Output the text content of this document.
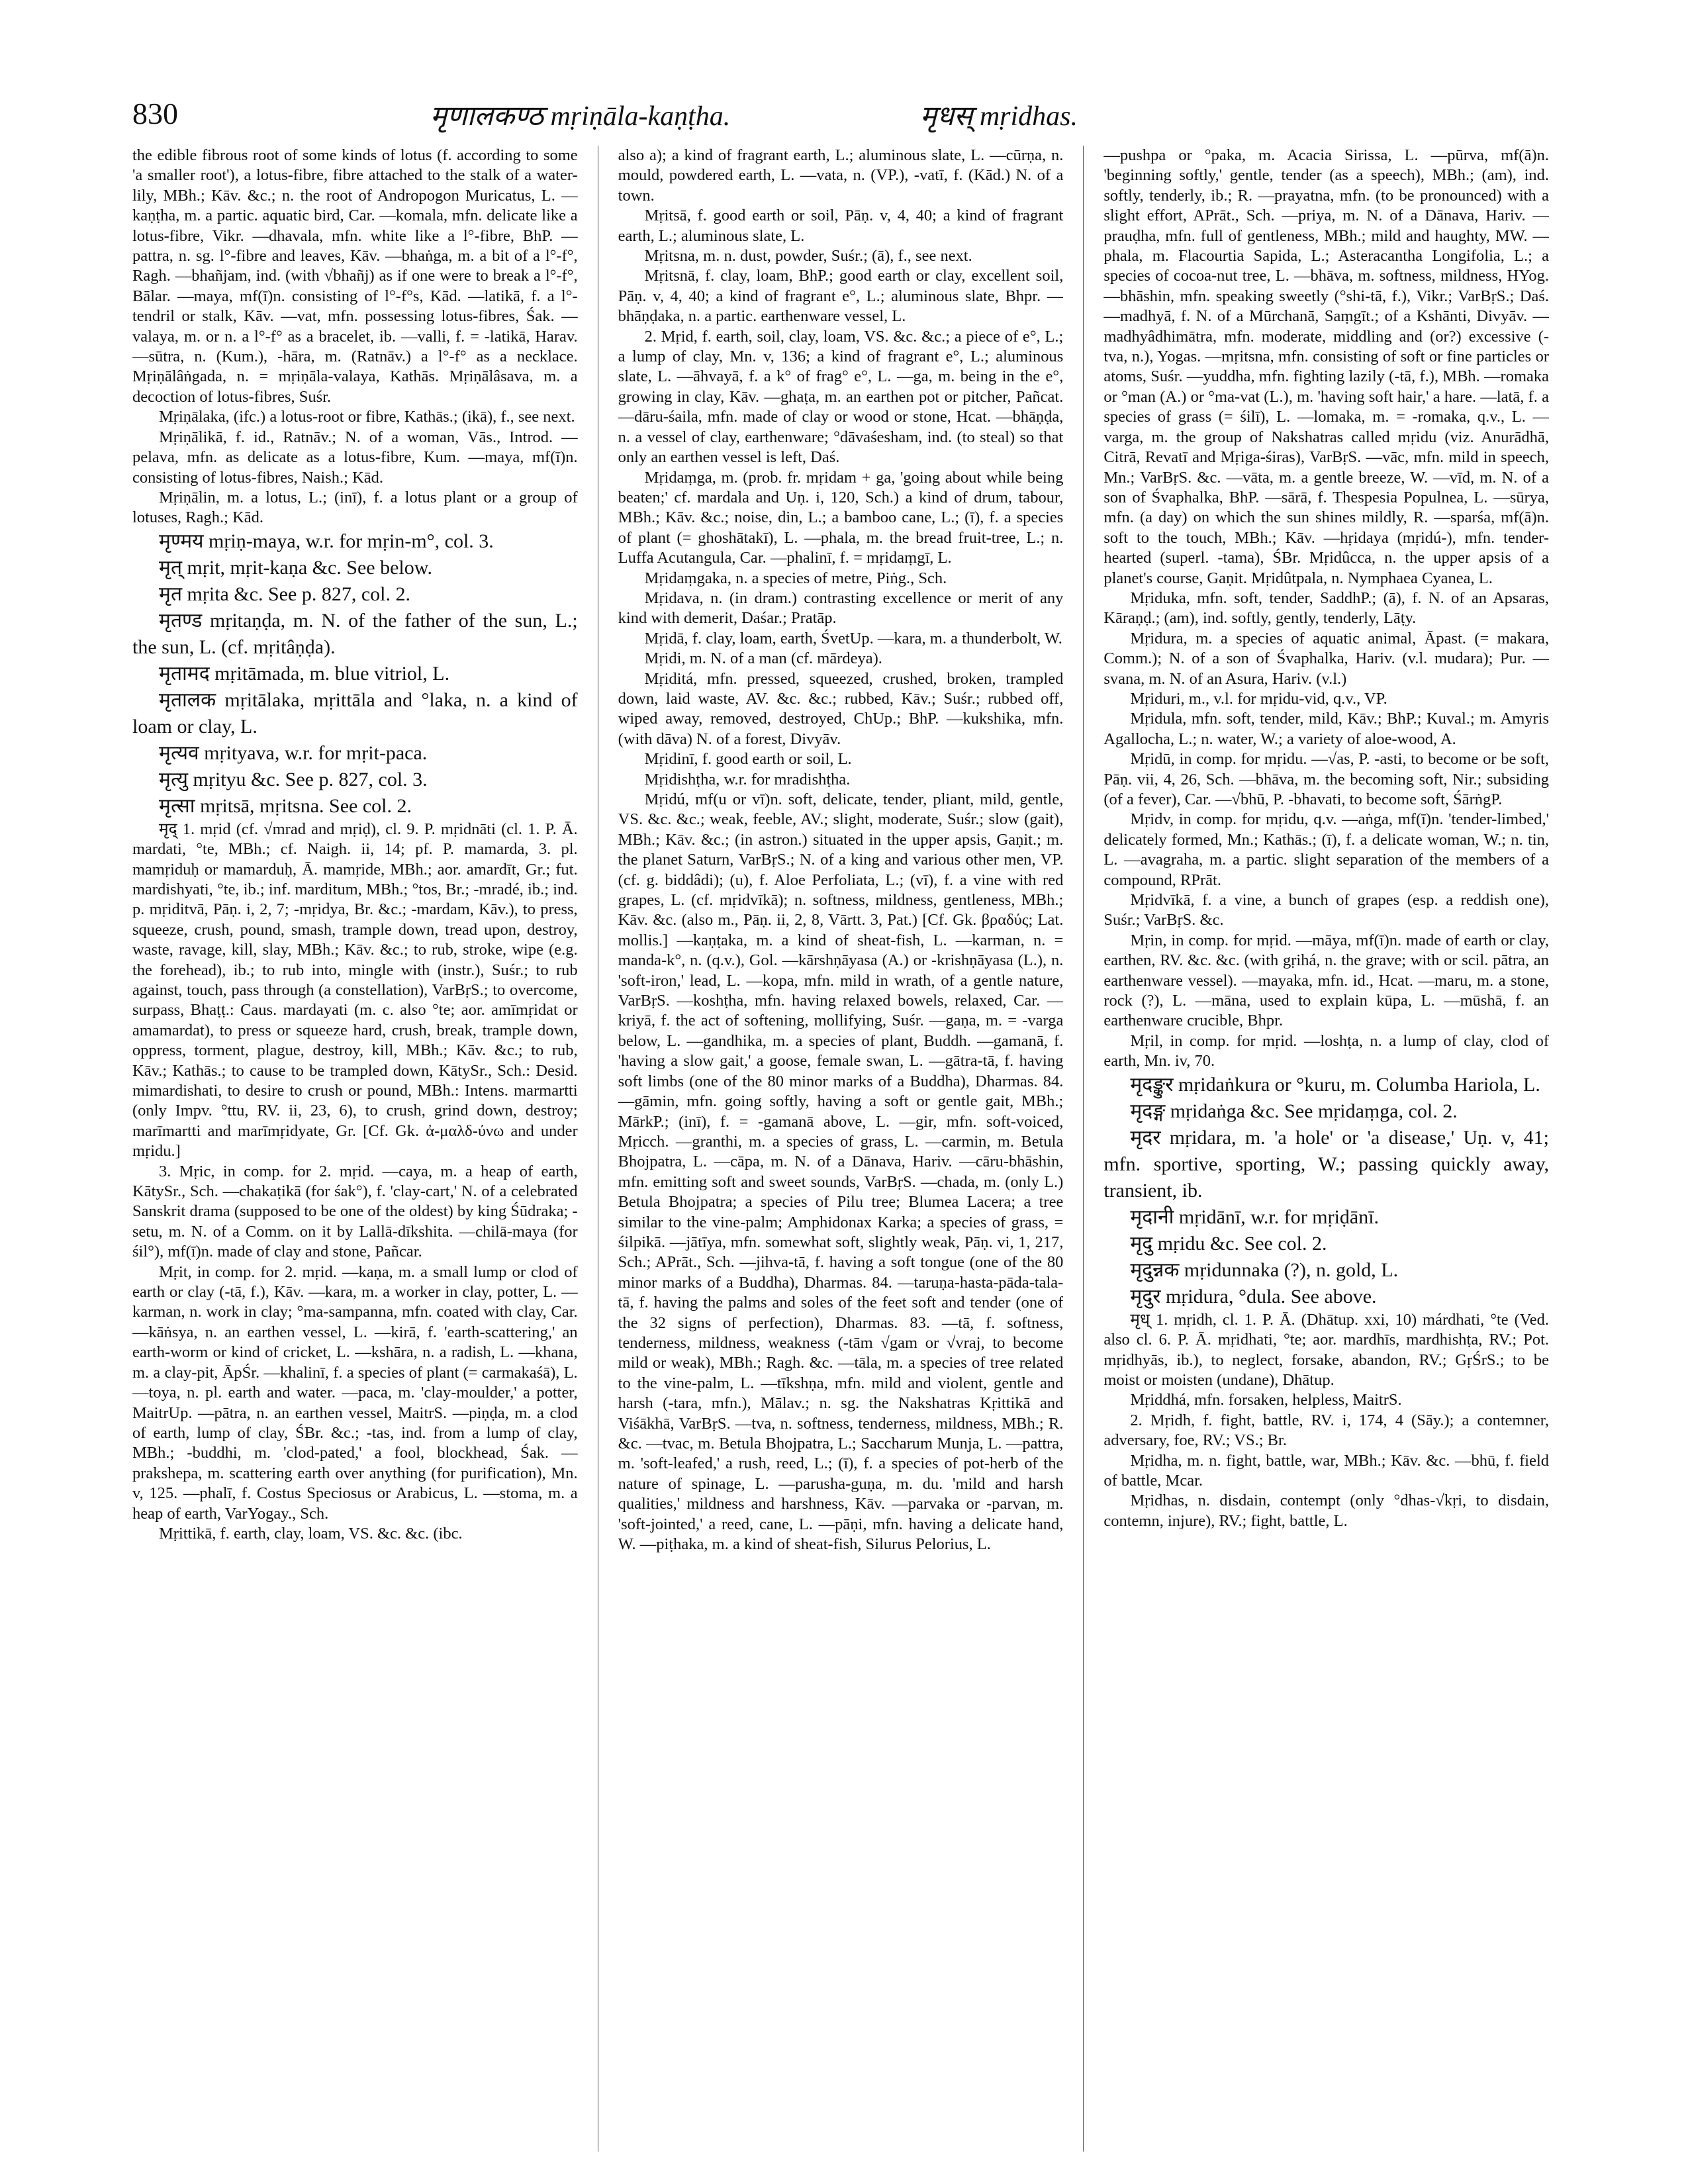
830	मृणालकण्ठ mṛiṇāla-kaṇṭha.	मृधस् mṛidhas.

the edible fibrous root of some kinds of lotus (f. according to some 'a smaller root'), a lotus-fibre, fibre attached to the stalk of a water-lily, MBh.; Kāv. &c.; n. the root of Andropogon Muricatus, L. —kaṇṭha, m. a partic. aquatic bird, Car. —komala, mfn. delicate like a lotus-fibre, Vikr. —dhavala, mfn. white like a l°-fibre, BhP. —pattra, n. sg. l°-fibre and leaves, Kāv. —bhaṅga, m. a bit of a l°-f°, Ragh. —bhañjam, ind. (with √bhañj) as if one were to break a l°-f°, Bālar. —maya, mf(ī)n. consisting of l°-f°s, Kād. —latikā, f. a l°-tendril or stalk, Kāv. —vat, mfn. possessing lotus-fibres, Śak. —valaya, m. or n. a l°-f° as a bracelet, ib. —valli, f. = -latikā, Harav. —sūtra, n. (Kum.), -hāra, m. (Ratnāv.) a l°-f° as a necklace. Mṛiṇālâṅgada, n. = mṛiṇāla-valaya, Kathās. Mṛiṇālâsava, m. a decoction of lotus-fibres, Suśr.

Mṛiṇālaka, (ifc.) a lotus-root or fibre, Kathās.; (ikā), f., see next.

Mṛiṇālikā, f. id., Ratnāv.; N. of a woman, Vās., Introd. —pelava, mfn. as delicate as a lotus-fibre, Kum. —maya, mf(ī)n. consisting of lotus-fibres, Naish.; Kād.

Mṛiṇālin, m. a lotus, L.; (inī), f. a lotus plant or a group of lotuses, Ragh.; Kād.

मृण्मय mṛiṇ-maya, w.r. for mṛin-m°, col. 3.

मृत् mṛit, mṛit-kaṇa &c. See below.

मृत mṛita &c. See p. 827, col. 2.

मृतण्ड mṛitaṇḍa, m. N. of the father of the sun, L.; the sun, L. (cf. mṛitâṇḍa).

मृतामद mṛitāmada, m. blue vitriol, L.

मृतालक mṛitālaka, mṛittāla and °laka, n. a kind of loam or clay, L.

मृत्यव mṛityava, w.r. for mṛit-paca.

मृत्यु mṛityu &c. See p. 827, col. 3.

मृत्सा mṛitsā, mṛitsna. See col. 2.

मृद् 1. mṛid (cf. √mrad and mṛiḍ), cl. 9. P. mṛidnāti (cl. 1. P. Ā. mardati, °te, MBh.; cf. Naigh. ii, 14; pf. P. mamarda, 3. pl. mamṛiduḥ or mamarduḥ, Ā. mamṛide, MBh.; aor. amardīt, Gr.; fut. mardishyati, °te, ib.; inf. marditum, MBh.; °tos, Br.; -mradé, ib.; ind. p. mṛiditvā, Pāṇ. i, 2, 7; -mṛidya, Br. &c.; -mardam, Kāv.), to press, squeeze, crush, pound, smash, trample down, tread upon, destroy, waste, ravage, kill, slay, MBh.; Kāv. &c.; to rub, stroke, wipe (e.g. the forehead), ib.; to rub into, mingle with (instr.), Suśr.; to rub against, touch, pass through (a constellation), VarBṛS.; to overcome, surpass, Bhaṭṭ.: Caus. mardayati (m. c. also °te; aor. amīmṛidat or amamardat), to press or squeeze hard, crush, break, trample down, oppress, torment, plague, destroy, kill, MBh.; Kāv. &c.; to rub, Kāv.; Kathās.; to cause to be trampled down, KātySr., Sch.: Desid. mimardishati, to desire to crush or pound, MBh.: Intens. marmartti (only Impv. °ttu, RV. ii, 23, 6), to crush, grind down, destroy; marīmartti and marīmṛidyate, Gr. [Cf. Gk. ἀ-μαλδ-ύνω and under mṛidu.]

3. Mṛic, in comp. for 2. mṛid. —caya, m. a heap of earth, KātySr., Sch. —chakaṭikā (for śak°), f. 'clay-cart,' N. of a celebrated Sanskrit drama (supposed to be one of the oldest) by king Śūdraka; -setu, m. N. of a Comm. on it by Lallā-dīkshita. —chilā-maya (for śil°), mf(ī)n. made of clay and stone, Pañcar.

Mṛit, in comp. for 2. mṛid. —kaṇa, m. a small lump or clod of earth or clay (-tā, f.), Kāv. —kara, m. a worker in clay, potter, L. —karman, n. work in clay; °ma-sampanna, mfn. coated with clay, Car. —kāṅsya, n. an earthen vessel, L. —kirā, f. 'earth-scattering,' an earth-worm or kind of cricket, L. —kshāra, n. a radish, L. —khana, m. a clay-pit, ĀpŚr. —khalinī, f. a species of plant (= carmakaśā), L. —toya, n. pl. earth and water. —paca, m. 'clay-moulder,' a potter, MaitrUp. —pātra, n. an earthen vessel, MaitrS. —piṇḍa, m. a clod of earth, lump of clay, ŚBr. &c.; -tas, ind. from a lump of clay, MBh.; -buddhi, m. 'clod-pated,' a fool, blockhead, Śak. —prakshepa, m. scattering earth over anything (for purification), Mn. v, 125. —phalī, f. Costus Speciosus or Arabicus, L. —stoma, m. a heap of earth, VarYogay., Sch.

Mṛittikā, f. earth, clay, loam, VS. &c. &c. (ibc.

also a); a kind of fragrant earth, L.; aluminous slate, L. —cūrṇa, n. mould, powdered earth, L. —vata, n. (VP.), -vatī, f. (Kād.) N. of a town.

Mṛitsā, f. good earth or soil, Pāṇ. v, 4, 40; a kind of fragrant earth, L.; aluminous slate, L.

Mṛitsna, m. n. dust, powder, Suśr.; (ā), f., see next.

Mṛitsnā, f. clay, loam, BhP.; good earth or clay, excellent soil, Pāṇ. v, 4, 40; a kind of fragrant e°, L.; aluminous slate, Bhpr. —bhāṇḍaka, n. a partic. earthenware vessel, L.

2. Mṛid, f. earth, soil, clay, loam, VS. &c. &c.; a piece of e°, L.; a lump of clay, Mn. v, 136; a kind of fragrant e°, L.; aluminous slate, L. —āhvayā, f. a k° of frag° e°, L. —ga, m. being in the e°, growing in clay, Kāv. —ghaṭa, m. an earthen pot or pitcher, Pañcat. —dāru-śaila, mfn. made of clay or wood or stone, Hcat. —bhāṇḍa, n. a vessel of clay, earthenware; °dāvaśesham, ind. (to steal) so that only an earthen vessel is left, Daś.

Mṛidaṃga, m. (prob. fr. mṛidam + ga, 'going about while being beaten;' cf. mardala and Uṇ. i, 120, Sch.) a kind of drum, tabour, MBh.; Kāv. &c.; noise, din, L.; a bamboo cane, L.; (ī), f. a species of plant (= ghoshātakī), L. —phala, m. the bread fruit-tree, L.; n. Luffa Acutangula, Car. —phalinī, f. = mṛidaṃgī, L.

Mṛidaṃgaka, n. a species of metre, Piṅg., Sch.

Mṛidava, n. (in dram.) contrasting excellence or merit of any kind with demerit, Daśar.; Pratāp.

Mṛidā, f. clay, loam, earth, ŚvetUp. —kara, m. a thunderbolt, W.

Mṛidi, m. N. of a man (cf. mārdeya).

Mṛiditá, mfn. pressed, squeezed, crushed, broken, trampled down, laid waste, AV. &c. &c.; rubbed, Kāv.; Suśr.; rubbed off, wiped away, removed, destroyed, ChUp.; BhP. —kukshika, mfn. (with dāva) N. of a forest, Divyāv.

Mṛidinī, f. good earth or soil, L.

Mṛidishṭha, w.r. for mradishṭha.

Mṛidú, mf(u or vī)n. soft, delicate, tender, pliant, mild, gentle, VS. &c. &c.; weak, feeble, AV.; slight, moderate, Suśr.; slow (gait), MBh.; Kāv. &c.; (in astron.) situated in the upper apsis, Gaṇit.; m. the planet Saturn, VarBṛS.; N. of a king and various other men, VP. (cf. g. biddâdi); (u), f. Aloe Perfoliata, L.; (vī), f. a vine with red grapes, L. (cf. mṛidvīkā); n. softness, mildness, gentleness, MBh.; Kāv. &c. (also m., Pāṇ. ii, 2, 8, Vārtt. 3, Pat.) [Cf. Gk. βραδύς; Lat. mollis.] —kaṇṭaka, m. a kind of sheat-fish, L. —karman, n. = manda-k°, n. (q.v.), Gol. —kārshṇāyasa (A.) or -krishṇāyasa (L.), n. 'soft-iron,' lead, L. —kopa, mfn. mild in wrath, of a gentle nature, VarBṛS. —koshṭha, mfn. having relaxed bowels, relaxed, Car. —kriyā, f. the act of softening, mollifying, Suśr. —gaṇa, m. = -varga below, L. —gandhika, m. a species of plant, Buddh. —gamanā, f. 'having a slow gait,' a goose, female swan, L. —gātra-tā, f. having soft limbs (one of the 80 minor marks of a Buddha), Dharmas. 84. —gāmin, mfn. going softly, having a soft or gentle gait, MBh.; MārkP.; (inī), f. = -gamanā above, L. —gir, mfn. soft-voiced, Mṛicch. —granthi, m. a species of grass, L. —carmin, m. Betula Bhojpatra, L. —cāpa, m. N. of a Dānava, Hariv. —cāru-bhāshin, mfn. emitting soft and sweet sounds, VarBṛS. —chada, m. (only L.) Betula Bhojpatra; a species of Pilu tree; Blumea Lacera; a tree similar to the vine-palm; Amphidonax Karka; a species of grass, = śilpikā. —jātīya, mfn. somewhat soft, slightly weak, Pāṇ. vi, 1, 217, Sch.; APrāt., Sch. —jihva-tā, f. having a soft tongue (one of the 80 minor marks of a Buddha), Dharmas. 84. —taruṇa-hasta-pāda-tala-tā, f. having the palms and soles of the feet soft and tender (one of the 32 signs of perfection), Dharmas. 83. —tā, f. softness, tenderness, mildness, weakness (-tām √gam or √vraj, to become mild or weak), MBh.; Ragh. &c. —tāla, m. a species of tree related to the vine-palm, L. —tīkshṇa, mfn. mild and violent, gentle and harsh (-tara, mfn.), Mālav.; n. sg. the Nakshatras Kṛittikā and Viśākhā, VarBṛS. —tva, n. softness, tenderness, mildness, MBh.; R. &c. —tvac, m. Betula Bhojpatra, L.; Saccharum Munja, L. —pattra, m. 'soft-leafed,' a rush, reed, L.; (ī), f. a species of pot-herb of the nature of spinage, L. —parusha-guṇa, m. du. 'mild and harsh qualities,' mildness and harshness, Kāv. —parvaka or -parvan, m. 'soft-jointed,' a reed, cane, L. —pāṇi, mfn. having a delicate hand, W. —piṭhaka, m. a kind of sheat-fish, Silurus Pelorius, L.

—pushpa or °paka, m. Acacia Sirissa, L. —pūrva, mf(ā)n. 'beginning softly,' gentle, tender (as a speech), MBh.; (am), ind. softly, tenderly, ib.; R. —prayatna, mfn. (to be pronounced) with a slight effort, APrāt., Sch. —priya, m. N. of a Dānava, Hariv. —prauḍha, mfn. full of gentleness, MBh.; mild and haughty, MW. —phala, m. Flacourtia Sapida, L.; Asteracantha Longifolia, L.; a species of cocoa-nut tree, L. —bhāva, m. softness, mildness, HYog. —bhāshin, mfn. speaking sweetly (°shi-tā, f.), Vikr.; VarBṛS.; Daś. —madhyā, f. N. of a Mūrchanā, Saṃgīt.; of a Kshānti, Divyāv. —madhyâdhimātra, mfn. moderate, middling and (or?) excessive (-tva, n.), Yogas. —mṛitsna, mfn. consisting of soft or fine particles or atoms, Suśr. —yuddha, mfn. fighting lazily (-tā, f.), MBh. —romaka or °man (A.) or °ma-vat (L.), m. 'having soft hair,' a hare. —latā, f. a species of grass (= śilī), L. —lomaka, m. = -romaka, q.v., L. —varga, m. the group of Nakshatras called mṛidu (viz. Anurādhā, Citrā, Revatī and Mṛiga-śiras), VarBṛS. —vāc, mfn. mild in speech, Mn.; VarBṛS. &c. —vāta, m. a gentle breeze, W. —vīd, m. N. of a son of Śvaphalka, BhP. —sārā, f. Thespesia Populnea, L. —sūrya, mfn. (a day) on which the sun shines mildly, R. —sparśa, mf(ā)n. soft to the touch, MBh.; Kāv. —hṛidaya (mṛidú-), mfn. tender-hearted (superl. -tama), ŚBr. Mṛidûcca, n. the upper apsis of a planet's course, Gaṇit. Mṛidûtpala, n. Nymphaea Cyanea, L.

Mṛiduka, mfn. soft, tender, SaddhP.; (ā), f. N. of an Apsaras, Kāraṇḍ.; (am), ind. softly, gently, tenderly, Lāṭy.

Mṛidura, m. a species of aquatic animal, Āpast. (= makara, Comm.); N. of a son of Śvaphalka, Hariv. (v.l. mudara); Pur. —svana, m. N. of an Asura, Hariv. (v.l.)

Mṛiduri, m., v.l. for mṛidu-vid, q.v., VP.

Mṛidula, mfn. soft, tender, mild, Kāv.; BhP.; Kuval.; m. Amyris Agallocha, L.; n. water, W.; a variety of aloe-wood, A.

Mṛidū, in comp. for mṛidu. —√as, P. -asti, to become or be soft, Pāṇ. vii, 4, 26, Sch. —bhāva, m. the becoming soft, Nir.; subsiding (of a fever), Car. —√bhū, P. -bhavati, to become soft, ŚārṅgP.

Mṛidv, in comp. for mṛidu, q.v. —aṅga, mf(ī)n. 'tender-limbed,' delicately formed, Mn.; Kathās.; (ī), f. a delicate woman, W.; n. tin, L. —avagraha, m. a partic. slight separation of the members of a compound, RPrāt.

Mṛidvīkā, f. a vine, a bunch of grapes (esp. a reddish one), Suśr.; VarBṛS. &c.

Mṛin, in comp. for mṛid. —māya, mf(ī)n. made of earth or clay, earthen, RV. &c. &c. (with gṛihá, n. the grave; with or scil. pātra, an earthenware vessel). —mayaka, mfn. id., Hcat. —maru, m. a stone, rock (?), L. —māna, used to explain kūpa, L. —mūshā, f. an earthenware crucible, Bhpr.

Mṛil, in comp. for mṛid. —loshṭa, n. a lump of clay, clod of earth, Mn. iv, 70.

मृदङ्कुर mṛidaṅkura or °kuru, m. Columba Hariola, L.

मृदङ्ग mṛidaṅga &c. See mṛidaṃga, col. 2.

मृदर mṛidara, m. 'a hole' or 'a disease,' Uṇ. v, 41; mfn. sportive, sporting, W.; passing quickly away, transient, ib.

मृदानी mṛidānī, w.r. for mṛiḍānī.

मृदु mṛidu &c. See col. 2.

मृदुन्नक mṛidunnaka (?), n. gold, L.

मृदुर mṛidura, °dula. See above.

मृध् 1. mṛidh, cl. 1. P. Ā. (Dhātup. xxi, 10) márdhati, °te (Ved. also cl. 6. P. Ā. mṛidhati, °te; aor. mardhīs, mardhishṭa, RV.; Pot. mṛidhyās, ib.), to neglect, forsake, abandon, RV.; GṛŚrS.; to be moist or moisten (undane), Dhātup.

Mṛiddhá, mfn. forsaken, helpless, MaitrS.

2. Mṛidh, f. fight, battle, RV. i, 174, 4 (Sāy.); a contemner, adversary, foe, RV.; VS.; Br.

Mṛidha, m. n. fight, battle, war, MBh.; Kāv. &c. —bhū, f. field of battle, Mcar.

Mṛidhas, n. disdain, contempt (only °dhas-√kṛi, to disdain, contemn, injure), RV.; fight, battle, L.
